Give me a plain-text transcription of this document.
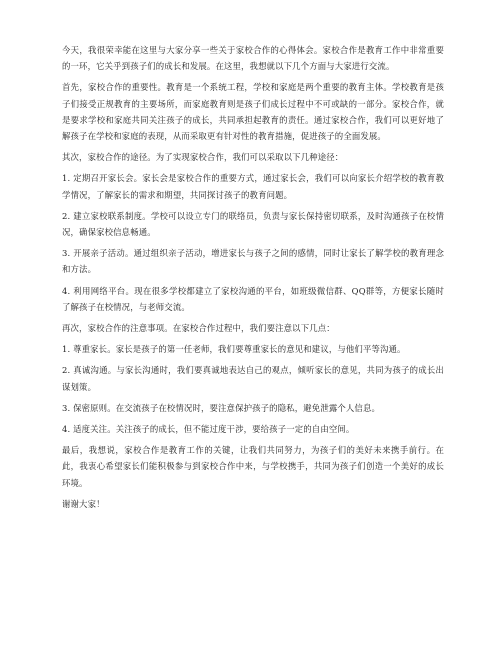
今天，我很荣幸能在这里与大家分享一些关于家校合作的心得体会。家校合作是教育工作中非常重要的一环，它关乎到孩子们的成长和发展。在这里，我想就以下几个方面与大家进行交流。

首先，家校合作的重要性。教育是一个系统工程，学校和家庭是两个重要的教育主体。学校教育是孩子们接受正规教育的主要场所，而家庭教育则是孩子们成长过程中不可或缺的一部分。家校合作，就是要求学校和家庭共同关注孩子的成长，共同承担起教育的责任。通过家校合作，我们可以更好地了解孩子在学校和家庭的表现，从而采取更有针对性的教育措施，促进孩子的全面发展。

其次，家校合作的途径。为了实现家校合作，我们可以采取以下几种途径：

1. 定期召开家长会。家长会是家校合作的重要方式，通过家长会，我们可以向家长介绍学校的教育教学情况，了解家长的需求和期望，共同探讨孩子的教育问题。

2. 建立家校联系制度。学校可以设立专门的联络员，负责与家长保持密切联系，及时沟通孩子在校情况，确保家校信息畅通。

3. 开展亲子活动。通过组织亲子活动，增进家长与孩子之间的感情，同时让家长了解学校的教育理念和方法。

4. 利用网络平台。现在很多学校都建立了家校沟通的平台，如班级微信群、QQ群等，方便家长随时了解孩子在校情况，与老师交流。

再次，家校合作的注意事项。在家校合作过程中，我们要注意以下几点：

1. 尊重家长。家长是孩子的第一任老师，我们要尊重家长的意见和建议，与他们平等沟通。

2. 真诚沟通。与家长沟通时，我们要真诚地表达自己的观点，倾听家长的意见，共同为孩子的成长出谋划策。

3. 保密原则。在交流孩子在校情况时，要注意保护孩子的隐私，避免泄露个人信息。

4. 适度关注。关注孩子的成长，但不能过度干涉，要给孩子一定的自由空间。

最后，我想说，家校合作是教育工作的关键，让我们共同努力，为孩子们的美好未来携手前行。在此，我衷心希望家长们能积极参与到家校合作中来，与学校携手，共同为孩子们创造一个美好的成长环境。

谢谢大家！
